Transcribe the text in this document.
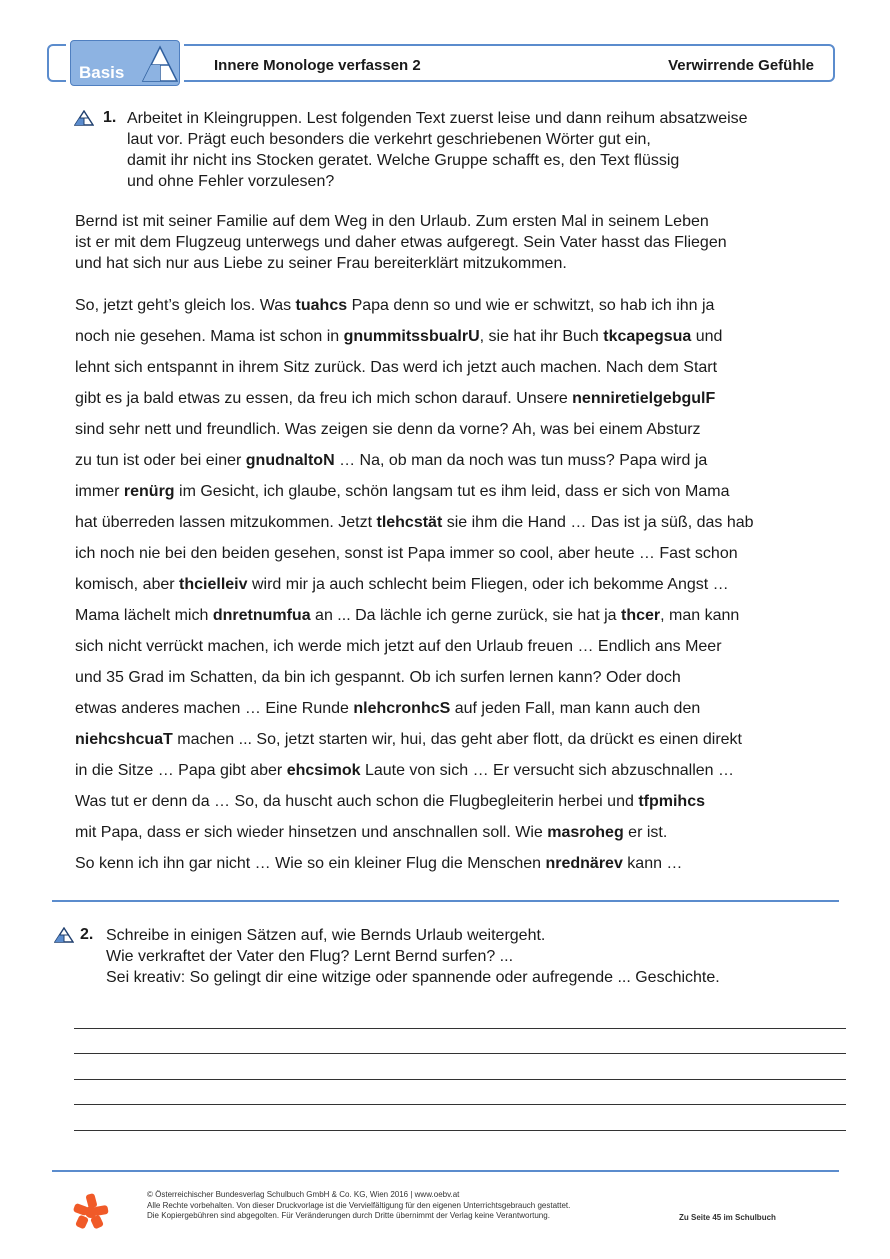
Basis	Innere Monologe verfassen 2	Verwirrende Gefühle
1. Arbeitet in Kleingruppen. Lest folgenden Text zuerst leise und dann reihum absatzweise
laut vor. Prägt euch besonders die verkehrt geschriebenen Wörter gut ein,
damit ihr nicht ins Stocken geratet. Welche Gruppe schafft es, den Text flüssig
und ohne Fehler vorzulesen?
Bernd ist mit seiner Familie auf dem Weg in den Urlaub. Zum ersten Mal in seinem Leben
ist er mit dem Flugzeug unterwegs und daher etwas aufgeregt. Sein Vater hasst das Fliegen
und hat sich nur aus Liebe zu seiner Frau bereiterklärt mitzukommen.
So, jetzt geht’s gleich los. Was tuahcs Papa denn so und wie er schwitzt, so hab ich ihn ja
noch nie gesehen. Mama ist schon in gnummitssbualrU, sie hat ihr Buch tkcapegsua und
lehnt sich entspannt in ihrem Sitz zurück. Das werd ich jetzt auch machen. Nach dem Start
gibt es ja bald etwas zu essen, da freu ich mich schon darauf. Unsere nenniretielgebgulF
sind sehr nett und freundlich. Was zeigen sie denn da vorne? Ah, was bei einem Absturz
zu tun ist oder bei einer gnudnaltoN … Na, ob man da noch was tun muss? Papa wird ja
immer renürg im Gesicht, ich glaube, schön langsam tut es ihm leid, dass er sich von Mama
hat überreden lassen mitzukommen. Jetzt tlehcstät sie ihm die Hand … Das ist ja süß, das hab
ich noch nie bei den beiden gesehen, sonst ist Papa immer so cool, aber heute … Fast schon
komisch, aber thcielleiv wird mir ja auch schlecht beim Fliegen, oder ich bekomme Angst …
Mama lächelt mich dnretnumfua an ... Da lächle ich gerne zurück, sie hat ja thcer, man kann
sich nicht verrückt machen, ich werde mich jetzt auf den Urlaub freuen … Endlich ans Meer
und 35 Grad im Schatten, da bin ich gespannt. Ob ich surfen lernen kann? Oder doch
etwas anderes machen … Eine Runde nlehcronhcS auf jeden Fall, man kann auch den
niehcshcuaT machen ... So, jetzt starten wir, hui, das geht aber flott, da drückt es einen direkt
in die Sitze … Papa gibt aber ehcsimok Laute von sich … Er versucht sich abzuschnallen …
Was tut er denn da … So, da huscht auch schon die Flugbegleiterin herbei und tfpmihcs
mit Papa, dass er sich wieder hinsetzen und anschnallen soll. Wie masroheg er ist.
So kenn ich ihn gar nicht … Wie so ein kleiner Flug die Menschen nrednärev kann …
2. Schreibe in einigen Sätzen auf, wie Bernds Urlaub weitergeht.
Wie verkraftet der Vater den Flug? Lernt Bernd surfen? ...
Sei kreativ: So gelingt dir eine witzige oder spannende oder aufregende ... Geschichte.
© Österreichischer Bundesverlag Schulbuch GmbH & Co. KG, Wien 2016 | www.oebv.at
Alle Rechte vorbehalten. Von dieser Druckvorlage ist die Vervielfältigung für den eigenen Unterrichtsgebrauch gestattet.
Die Kopiergebühren sind abgegolten. Für Veränderungen durch Dritte übernimmt der Verlag keine Verantwortung.	Zu Seite 45 im Schulbuch
